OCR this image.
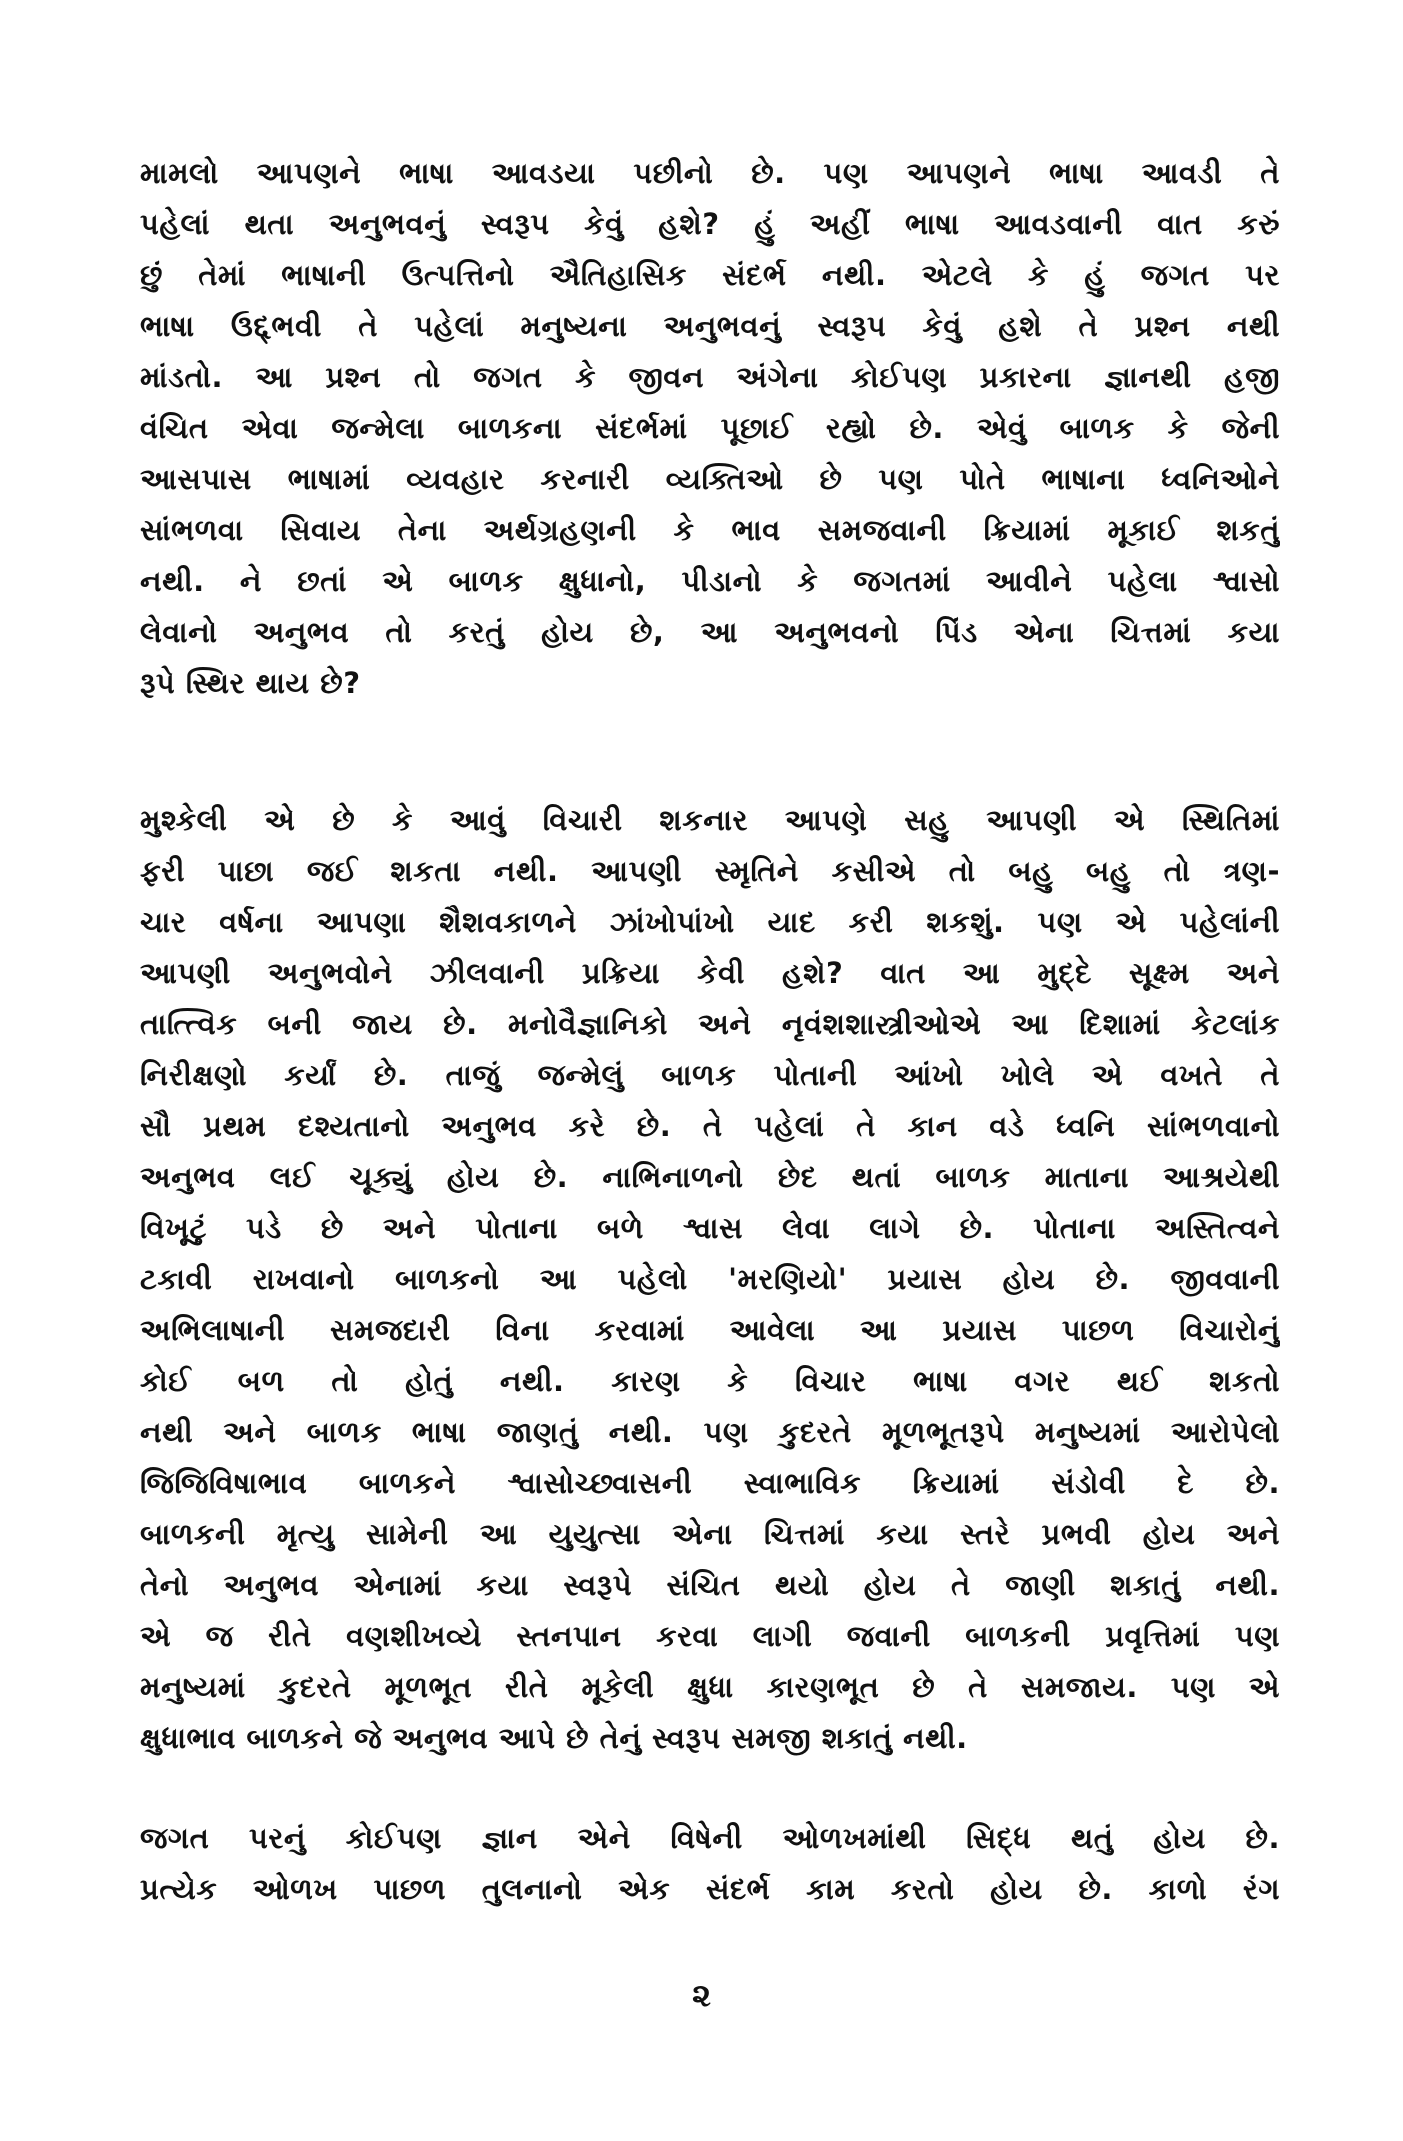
મામલો આપણને ભાષા આવડયા પછીનો છે. પણ આપણને ભાષા આવડી તે
પહેલાં થતા અનુભવનું સ્વરૂપ કેવું હશે? હું અહીં ભાષા આવડવાની વાત કરું
છું તેમાં ભાષાની ઉત્પત્તિનો ઐતિહાસિક સંદર્ભ નથી. એટલે કે હું જગત પર
ભાષા ઉદ્દ્ભવી તે પહેલાં મનુષ્યના અનુભવનું સ્વરૂપ કેવું હશે તે પ્રશ્ન નથી
માંડતો. આ પ્રશ્ન તો જગત કે જીવન અંગેના કોઈપણ પ્રકારના જ્ઞાનથી હજી
વંચિત એવા જન્મેલા બાળકના સંદર્ભમાં પૂછાઈ રહ્યો છે. એવું બાળક કે જેની
આસપાસ ભાષામાં વ્યવહાર કરનારી વ્યક્તિઓ છે પણ પોતે ભાષાના ધ્વનિઓને
સાંભળવા સિવાય તેના અર્થગ્રહણની કે ભાવ સમજવાની ક્રિયામાં મૂકાઈ શકતું
નથી. ને છતાં એ બાળક ક્ષુધાનો, પીડાનો કે જગતમાં આવીને પહેલા શ્વાસો
લેવાનો અનુભવ તો કરતું હોય છે, આ અનુભવનો પિંડ એના ચિત્તમાં કયા
રૂપે સ્થિર થાય છે?
મુશ્કેલી એ છે કે આવું વિચારી શકનાર આપણે સહુ આપણી એ સ્થિતિમાં
ફરી પાછા જઈ શકતા નથી. આપણી સ્મૃતિને કસીએ તો બહુ બહુ તો ત્રણ-
ચાર વર્ષના આપણા શૈશવકાળને ઝાંખોપાંખો યાદ કરી શકશું. પણ એ પહેલાંની
આપણી અનુભવોને ઝીલવાની પ્રક્રિયા કેવી હશે? વાત આ મુદ્દે સૂક્ષ્મ અને
તાત્ત્વિક બની જાય છે. મનોવૈજ્ઞાનિકો અને નૃવંશશાસ્ત્રીઓએ આ દિશામાં કેટલાંક
નિરીક્ષણો કર્યાં છે. તાજું જન્મેલું બાળક પોતાની આંખો ખોલે એ વખતે તે
સૌ પ્રથમ દશ્યતાનો અનુભવ કરે છે. તે પહેલાં તે કાન વડે ધ્વનિ સાંભળવાનો
અનુભવ લઈ ચૂક્યું હોય છે. નાભિનાળનો છેદ થતાં બાળક માતાના આશ્રયેથી
વિખૂટું પડે છે અને પોતાના બળે શ્વાસ લેવા લાગે છે. પોતાના અસ્તિત્વને
ટકાવી રાખવાનો બાળકનો આ પહેલો 'મરણિયો' પ્રયાસ હોય છે. જીવવાની
અભિલાષાની સમજદારી વિના કરવામાં આવેલા આ પ્રયાસ પાછળ વિચારોનું
કોઈ બળ તો હોતું નથી. કારણ કે વિચાર ભાષા વગર થઈ શકતો
નથી અને બાળક ભાષા જાણતું નથી. પણ કુદરતે મૂળભૂતરૂપે મનુષ્યમાં આરોપેલો
જિજિવિષાભાવ બાળકને શ્વાસોચ્છ્વાસની સ્વાભાવિક ક્રિયામાં સંડોવી દે છે.
બાળકની મૃત્યુ સામેની આ યુયુત્સા એના ચિત્તમાં કયા સ્તરે પ્રભવી હોય અને
તેનો અનુભવ એનામાં કયા સ્વરૂપે સંચિત થયો હોય તે જાણી શકાતું નથી.
એ જ રીતે વણશીખવ્યે સ્તનપાન કરવા લાગી જવાની બાળકની પ્રવૃત્તિમાં પણ
મનુષ્યમાં કુદરતે મૂળભૂત રીતે મૂકેલી ક્ષુધા કારણભૂત છે તે સમજાય. પણ એ
ક્ષુધાભાવ બાળકને જે અનુભવ આપે છે તેનું સ્વરૂપ સમજી શકાતું નથી.
જગત પરનું કોઈપણ જ્ઞાન એને વિષેની ઓળખમાંથી સિદ્ધ થતું હોય છે.
પ્રત્યેક ઓળખ પાછળ તુલનાનો એક સંદર્ભ કામ કરતો હોય છે. કાળો રંગ
૨
